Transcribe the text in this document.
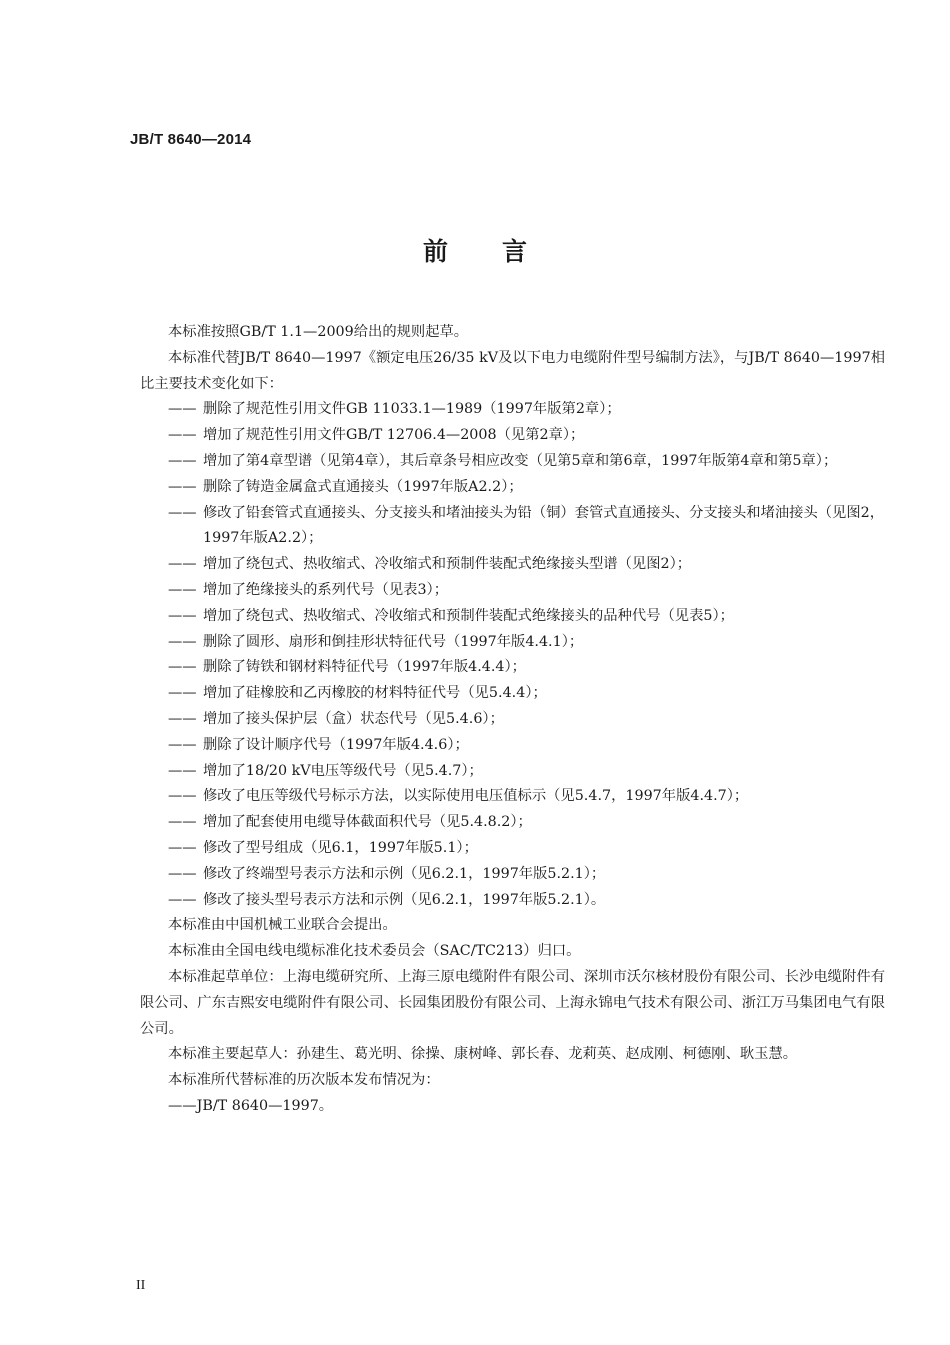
JB/T 8640—2014
前言

本标准按照GB/T 1.1—2009给出的规则起草。

本标准代替JB/T 8640—1997《额定电压26/35 kV及以下电力电缆附件型号编制方法》，与JB/T 8640—1997相比主要技术变化如下：

—— 删除了规范性引用文件GB 11033.1—1989（1997年版第2章）；
—— 增加了规范性引用文件GB/T 12706.4—2008（见第2章）；
—— 增加了第4章型谱（见第4章），其后章条号相应改变（见第5章和第6章，1997年版第4章和第5章）；
—— 删除了铸造金属盒式直通接头（1997年版A2.2）；
—— 修改了铅套管式直通接头、分支接头和堵油接头为铅（铜）套管式直通接头、分支接头和堵油接头（见图2，1997年版A2.2）；
—— 增加了绕包式、热收缩式、冷收缩式和预制件装配式绝缘接头型谱（见图2）；
—— 增加了绝缘接头的系列代号（见表3）；
—— 增加了绕包式、热收缩式、冷收缩式和预制件装配式绝缘接头的品种代号（见表5）；
—— 删除了圆形、扇形和倒挂形状特征代号（1997年版4.4.1）；
—— 删除了铸铁和钢材料特征代号（1997年版4.4.4）；
—— 增加了硅橡胶和乙丙橡胶的材料特征代号（见5.4.4）；
—— 增加了接头保护层（盒）状态代号（见5.4.6）；
—— 删除了设计顺序代号（1997年版4.4.6）；
—— 增加了18/20 kV电压等级代号（见5.4.7）；
—— 修改了电压等级代号标示方法，以实际使用电压值标示（见5.4.7，1997年版4.4.7）；
—— 增加了配套使用电缆导体截面积代号（见5.4.8.2）；
—— 修改了型号组成（见6.1，1997年版5.1）；
—— 修改了终端型号表示方法和示例（见6.2.1，1997年版5.2.1）；
—— 修改了接头型号表示方法和示例（见6.2.1，1997年版5.2.1）。

本标准由中国机械工业联合会提出。

本标准由全国电线电缆标准化技术委员会（SAC/TC213）归口。

本标准起草单位：上海电缆研究所、上海三原电缆附件有限公司、深圳市沃尔核材股份有限公司、长沙电缆附件有限公司、广东吉熙安电缆附件有限公司、长园集团股份有限公司、上海永锦电气技术有限公司、浙江万马集团电气有限公司。

本标准主要起草人：孙建生、葛光明、徐操、康树峰、郭长春、龙莉英、赵成刚、柯德刚、耿玉慧。

本标准所代替标准的历次版本发布情况为：

——JB/T 8640—1997。

II
